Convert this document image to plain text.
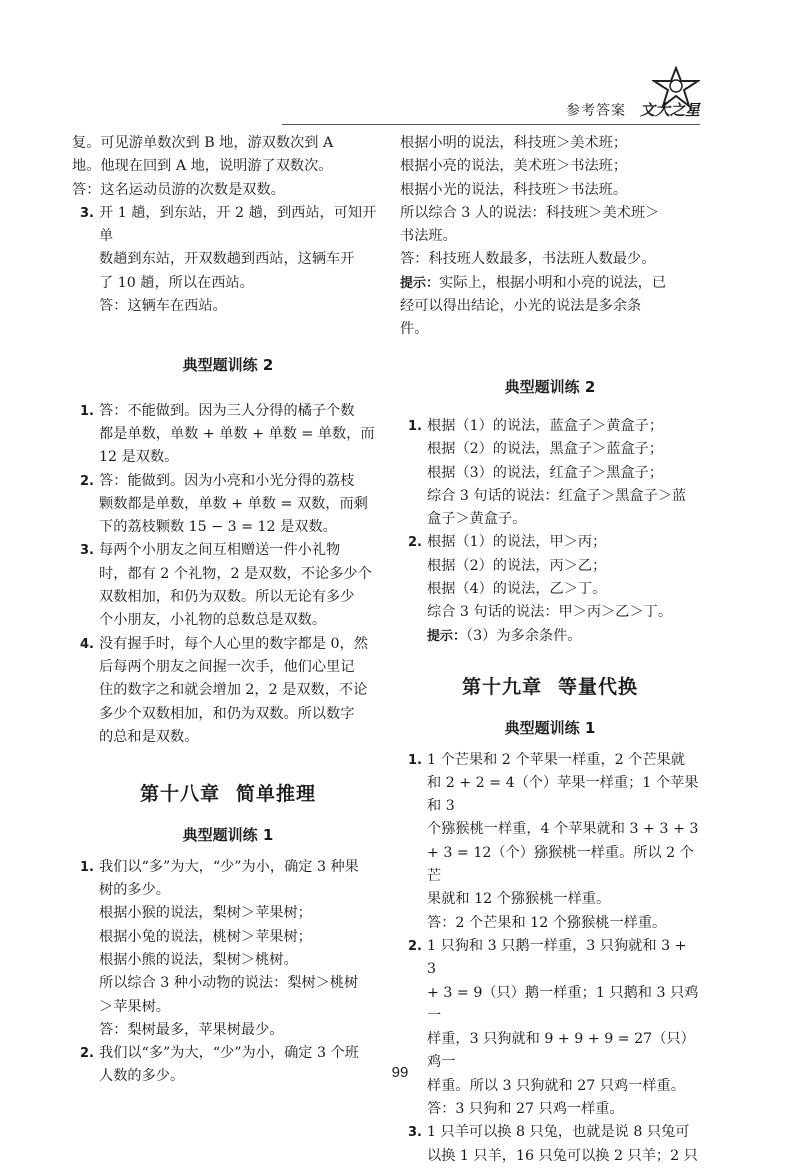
参考答案 文大之星

复。可见游单数次到 B 地，游双数次到 A

地。他现在回到 A 地，说明游了双数次。

答：这名运动员游的次数是双数。

3. 开 1 趟，到东站，开 2 趟，到西站，可知开单

数趟到东站，开双数趟到西站，这辆车开

了 10 趟，所以在西站。

答：这辆车在西站。

典型题训练 2

1. 答：不能做到。因为三人分得的橘子个数

都是单数，单数 + 单数 + 单数 = 单数，而

12 是双数。

2. 答：能做到。因为小亮和小光分得的荔枝

颗数都是单数，单数 + 单数 = 双数，而剩

下的荔枝颗数 15 − 3 = 12 是双数。

3. 每两个小朋友之间互相赠送一件小礼物

时，都有 2 个礼物，2 是双数，不论多少个

双数相加，和仍为双数。所以无论有多少

个小朋友，小礼物的总数总是双数。

4. 没有握手时，每个人心里的数字都是 0，然

后每两个朋友之间握一次手，他们心里记

住的数字之和就会增加 2，2 是双数，不论

多少个双数相加，和仍为双数。所以数字

的总和是双数。

第十八章 简单推理

典型题训练 1

1. 我们以“多”为大，“少”为小，确定 3 种果

树的多少。

根据小猴的说法，梨树＞苹果树；

根据小兔的说法，桃树＞苹果树；

根据小熊的说法，梨树＞桃树。

所以综合 3 种小动物的说法：梨树＞桃树

＞苹果树。

答：梨树最多，苹果树最少。

2. 我们以“多”为大，“少”为小，确定 3 个班

人数的多少。

根据小明的说法，科技班＞美术班；

根据小亮的说法，美术班＞书法班；

根据小光的说法，科技班＞书法班。

所以综合 3 人的说法：科技班＞美术班＞

书法班。

答：科技班人数最多，书法班人数最少。

提示：实际上，根据小明和小亮的说法，已

经可以得出结论，小光的说法是多余条

件。

典型题训练 2

1. 根据（1）的说法，蓝盒子＞黄盒子；

根据（2）的说法，黑盒子＞蓝盒子；

根据（3）的说法，红盒子＞黑盒子；

综合 3 句话的说法：红盒子＞黑盒子＞蓝

盒子＞黄盒子。

2. 根据（1）的说法，甲＞丙；

根据（2）的说法，丙＞乙；

根据（4）的说法，乙＞丁。

综合 3 句话的说法：甲＞丙＞乙＞丁。

提示：（3）为多余条件。

第十九章 等量代换

典型题训练 1

1. 1 个芒果和 2 个苹果一样重，2 个芒果就

和 2 + 2 = 4（个）苹果一样重；1 个苹果和 3

个猕猴桃一样重，4 个苹果就和 3 + 3 + 3

+ 3 = 12（个）猕猴桃一样重。所以 2 个芒

果就和 12 个猕猴桃一样重。

答：2 个芒果和 12 个猕猴桃一样重。

2. 1 只狗和 3 只鹅一样重，3 只狗就和 3 + 3

+ 3 = 9（只）鹅一样重；1 只鹅和 3 只鸡一

样重，3 只狗就和 9 + 9 + 9 = 27（只）鸡一

样重。所以 3 只狗就和 27 只鸡一样重。

答：3 只狗和 27 只鸡一样重。

3. 1 只羊可以换 8 只兔，也就是说 8 只兔可

以换 1 只羊，16 只兔可以换 2 只羊；2 只

99
